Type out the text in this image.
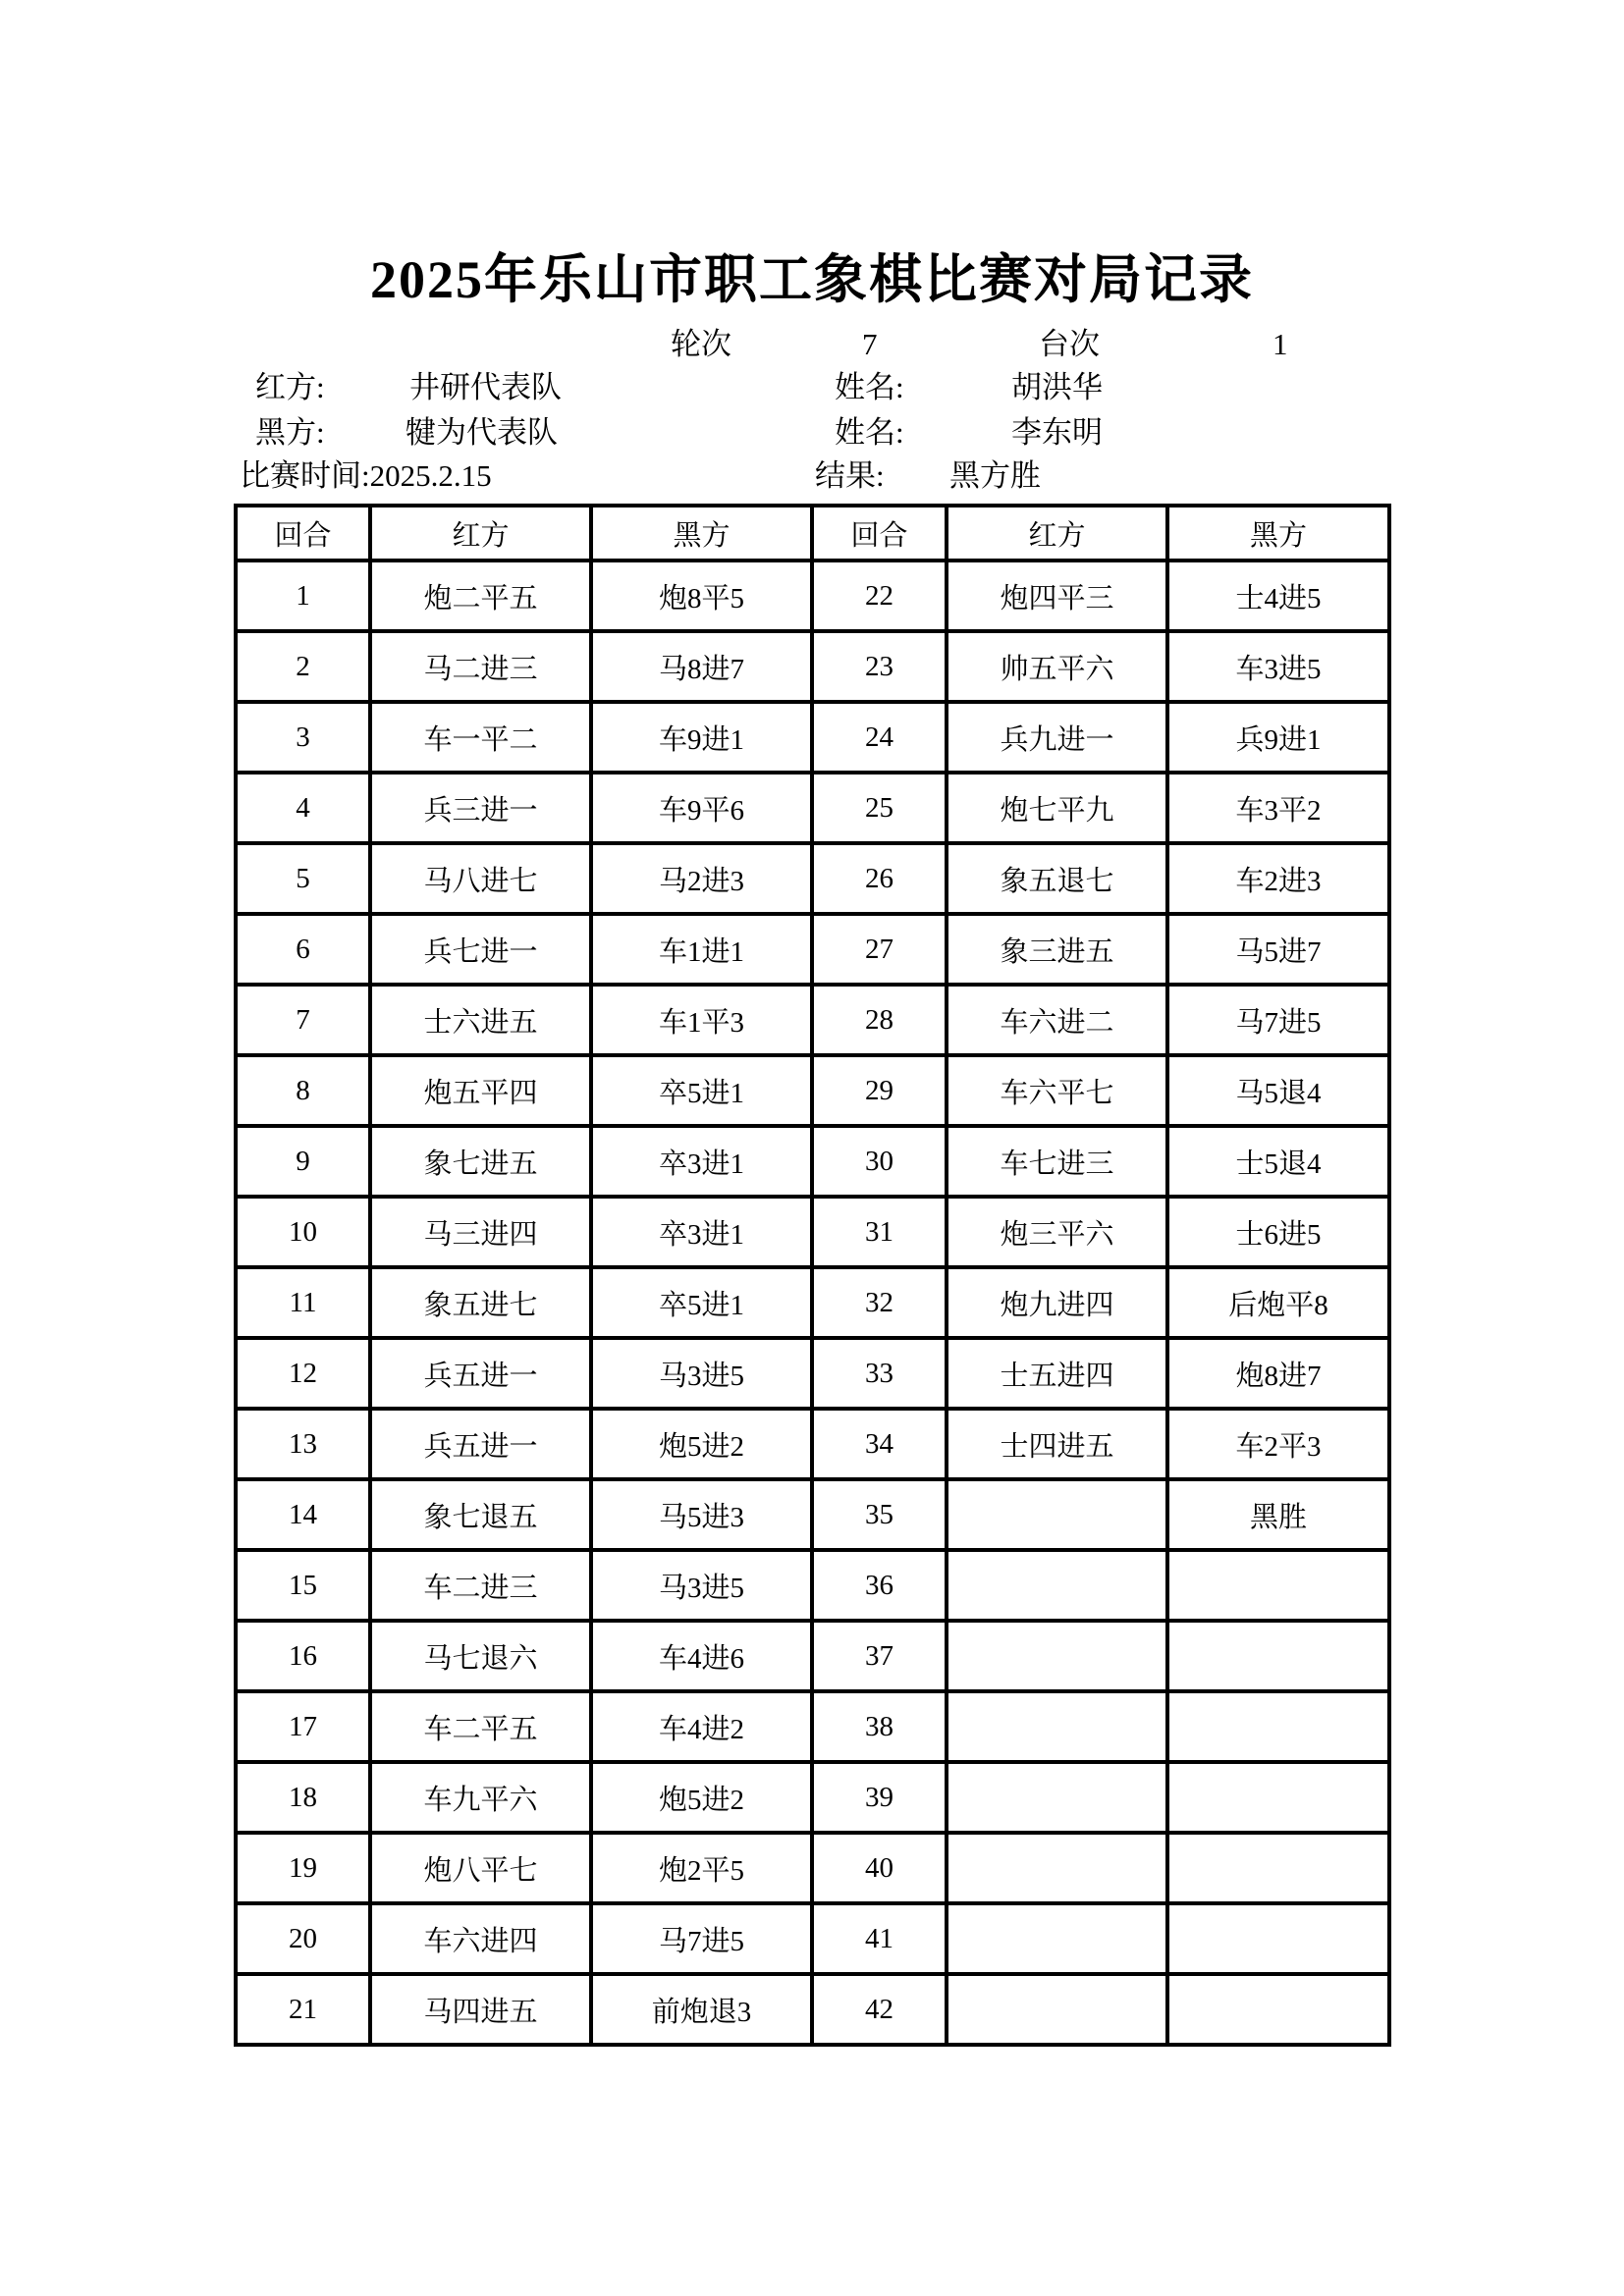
2025年乐山市职工象棋比赛对局记录
轮次	7	台次	1
红方:	井研代表队	姓名:	胡洪华
黑方:	犍为代表队	姓名:	李东明
比赛时间:2025.2.15	结果: 黑方胜
回合	红方	黑方	回合	红方	黑方
1	炮二平五	炮8平5	22	炮四平三	士4进5
2	马二进三	马8进7	23	帅五平六	车3进5
3	车一平二	车9进1	24	兵九进一	兵9进1
4	兵三进一	车9平6	25	炮七平九	车3平2
5	马八进七	马2进3	26	象五退七	车2进3
6	兵七进一	车1进1	27	象三进五	马5进7
7	士六进五	车1平3	28	车六进二	马7进5
8	炮五平四	卒5进1	29	车六平七	马5退4
9	象七进五	卒3进1	30	车七进三	士5退4
10	马三进四	卒3进1	31	炮三平六	士6进5
11	象五进七	卒5进1	32	炮九进四	后炮平8
12	兵五进一	马3进5	33	士五进四	炮8进7
13	兵五进一	炮5进2	34	士四进五	车2平3
14	象七退五	马5进3	35		黑胜
15	车二进三	马3进5	36		
16	马七退六	车4进6	37		
17	车二平五	车4进2	38		
18	车九平六	炮5进2	39		
19	炮八平七	炮2平5	40		
20	车六进四	马7进5	41		
21	马四进五	前炮退3	42		
